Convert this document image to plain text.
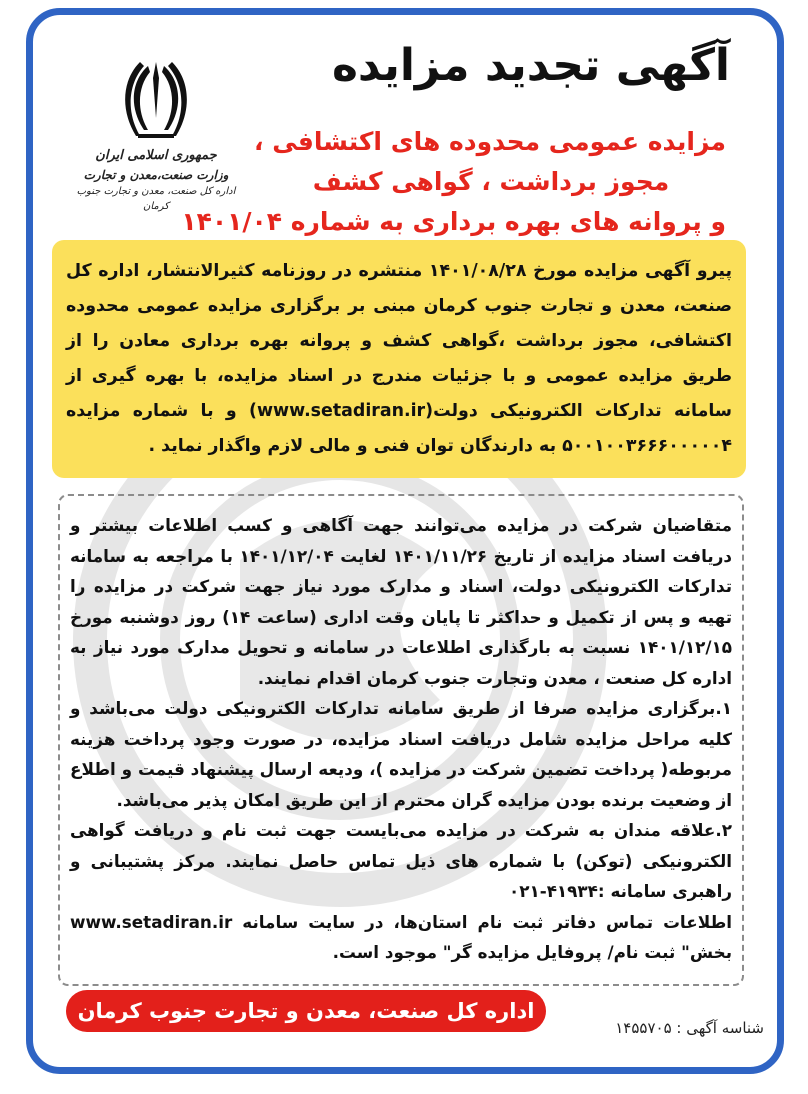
جمهوری اسلامی ایران
وزارت صنعت،معدن و تجارت
اداره کل صنعت، معدن و تجارت جنوب کرمان
آگهی تجدید مزایده
مزایده عمومی محدوده های اکتشافی ،
مجوز برداشت ، گواهی کشف
و پروانه های بهره برداری به شماره ۱۴۰۱/۰۴
پیرو آگهی مزایده مورخ ۱۴۰۱/۰۸/۲۸ منتشره در روزنامه کثیرالانتشار، اداره کل صنعت، معدن و تجارت جنوب کرمان مبنی بر برگزاری مزایده عمومی محدوده اکتشافی، مجوز برداشت ،گواهی کشف و پروانه بهره برداری معادن را از طریق مزایده عمومی و با جزئیات مندرج در اسناد مزایده، با بهره گیری از سامانه تدارکات الکترونیکی دولت(www.setadiran.ir) و با شماره مزایده ۵۰۰۱۰۰۳۶۶۶۰۰۰۰۰۴ به دارندگان توان فنی و مالی لازم واگذار نماید .

متقاضیان شرکت در مزایده می‌توانند جهت آگاهی و کسب اطلاعات بیشتر و دریافت اسناد مزایده از تاریخ ۱۴۰۱/۱۱/۲۶ لغایت ۱۴۰۱/۱۲/۰۴ با مراجعه به سامانه تدارکات الکترونیکی دولت، اسناد و مدارک مورد نیاز جهت شرکت در مزایده را تهیه و پس از تکمیل و حداکثر تا پایان وقت اداری (ساعت ۱۴) روز دوشنبه مورخ ۱۴۰۱/۱۲/۱۵ نسبت به بارگذاری اطلاعات در سامانه و تحویل مدارک مورد نیاز به اداره کل صنعت ، معدن وتجارت جنوب کرمان اقدام نمایند.

۱.برگزاری مزایده صرفا از طریق سامانه تدارکات الکترونیکی دولت می‌باشد و کلیه مراحل مزایده شامل دریافت اسناد مزایده، در صورت وجود پرداخت هزینه مربوطه( پرداخت تضمین شرکت در مزایده )، ودیعه ارسال پیشنهاد قیمت و اطلاع از وضعیت برنده بودن مزایده گران محترم از این طریق امکان پذیر می‌باشد.

۲.علاقه مندان به شرکت در مزایده می‌بایست جهت ثبت نام و دریافت گواهی الکترونیکی (توکن) با شماره های ذیل تماس حاصل نمایند. مرکز پشتیبانی و راهبری سامانه :۴۱۹۳۴-۰۲۱

اطلاعات تماس دفاتر ثبت نام استان‌ها، در سایت سامانه www.setadiran.ir بخش" ثبت نام/ پروفایل مزایده گر" موجود است.

اداره کل صنعت، معدن و تجارت جنوب کرمان
شناسه آگهی : ۱۴۵۵۷۰۵
